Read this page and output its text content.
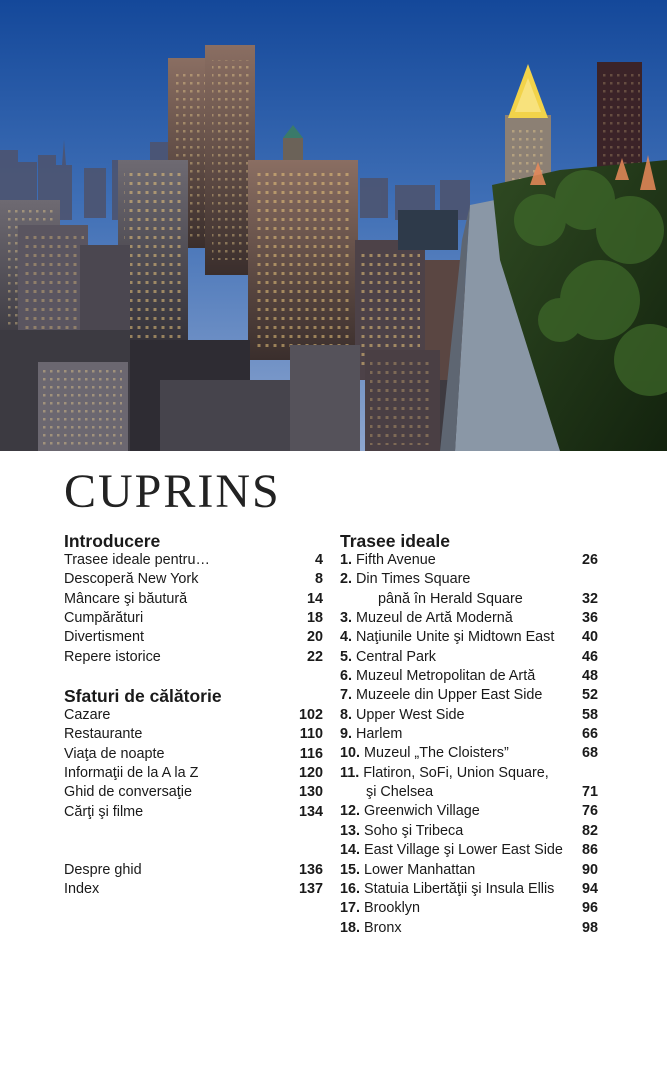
CUPRINS
Introducere
Trasee ideale pentru…	4
Descoperă New York	8
Mâncare şi băutură	14
Cumpărături	18
Divertisment	20
Repere istorice	22
Sfaturi de călătorie
Cazare	102
Restaurante	110
Viaţa de noapte	116
Informaţii de la A la Z	120
Ghid de conversaţie	130
Cărţi şi filme	134
Despre ghid	136
Index	137
Trasee ideale
1. Fifth Avenue	26
2. Din Times Square
până în Herald Square	32
3. Muzeul de Artă Modernă	36
4. Naţiunile Unite şi Midtown East 40
5. Central Park	46
6. Muzeul Metropolitan de Artă	48
7. Muzeele din Upper East Side	52
8. Upper West Side	58
9. Harlem	66
10. Muzeul „The Cloisters”	68
11. Flatiron, SoFi, Union Square,
şi Chelsea	71
12. Greenwich Village	76
13. Soho şi Tribeca	82
14. East Village şi Lower East Side 86
15. Lower Manhattan	90
16. Statuia Libertăţii şi Insula Ellis 94
17. Brooklyn	96
18. Bronx	98
